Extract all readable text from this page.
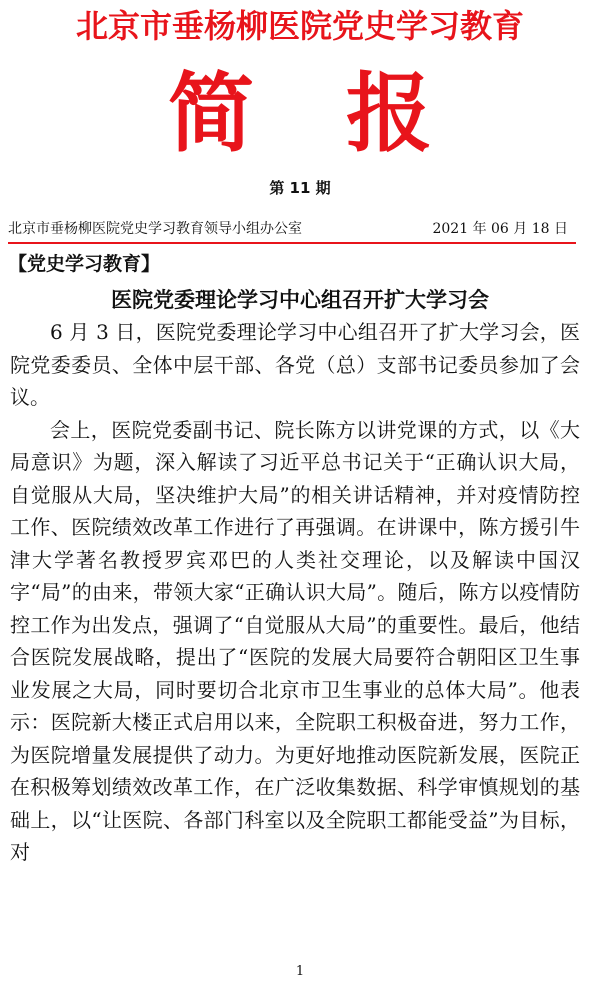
北京市垂杨柳医院党史学习教育
简 报
第 11 期
北京市垂杨柳医院党史学习教育领导小组办公室	2021 年 06 月 18 日
【党史学习教育】
医院党委理论学习中心组召开扩大学习会

6 月 3 日，医院党委理论学习中心组召开了扩大学习会，医院党委委员、全体中层干部、各党（总）支部书记委员参加了会议。

会上，医院党委副书记、院长陈方以讲党课的方式，以《大局意识》为题，深入解读了习近平总书记关于“正确认识大局，自觉服从大局，坚决维护大局”的相关讲话精神，并对疫情防控工作、医院绩效改革工作进行了再强调。在讲课中，陈方援引牛津大学著名教授罗宾邓巴的人类社交理论，以及解读中国汉字“局”的由来，带领大家“正确认识大局”。随后，陈方以疫情防控工作为出发点，强调了“自觉服从大局”的重要性。最后，他结合医院发展战略，提出了“医院的发展大局要符合朝阳区卫生事业发展之大局，同时要切合北京市卫生事业的总体大局”。他表示：医院新大楼正式启用以来，全院职工积极奋进，努力工作，为医院增量发展提供了动力。为更好地推动医院新发展，医院正在积极筹划绩效改革工作，在广泛收集数据、科学审慎规划的基础上，以“让医院、各部门科室以及全院职工都能受益”为目标，对

1
